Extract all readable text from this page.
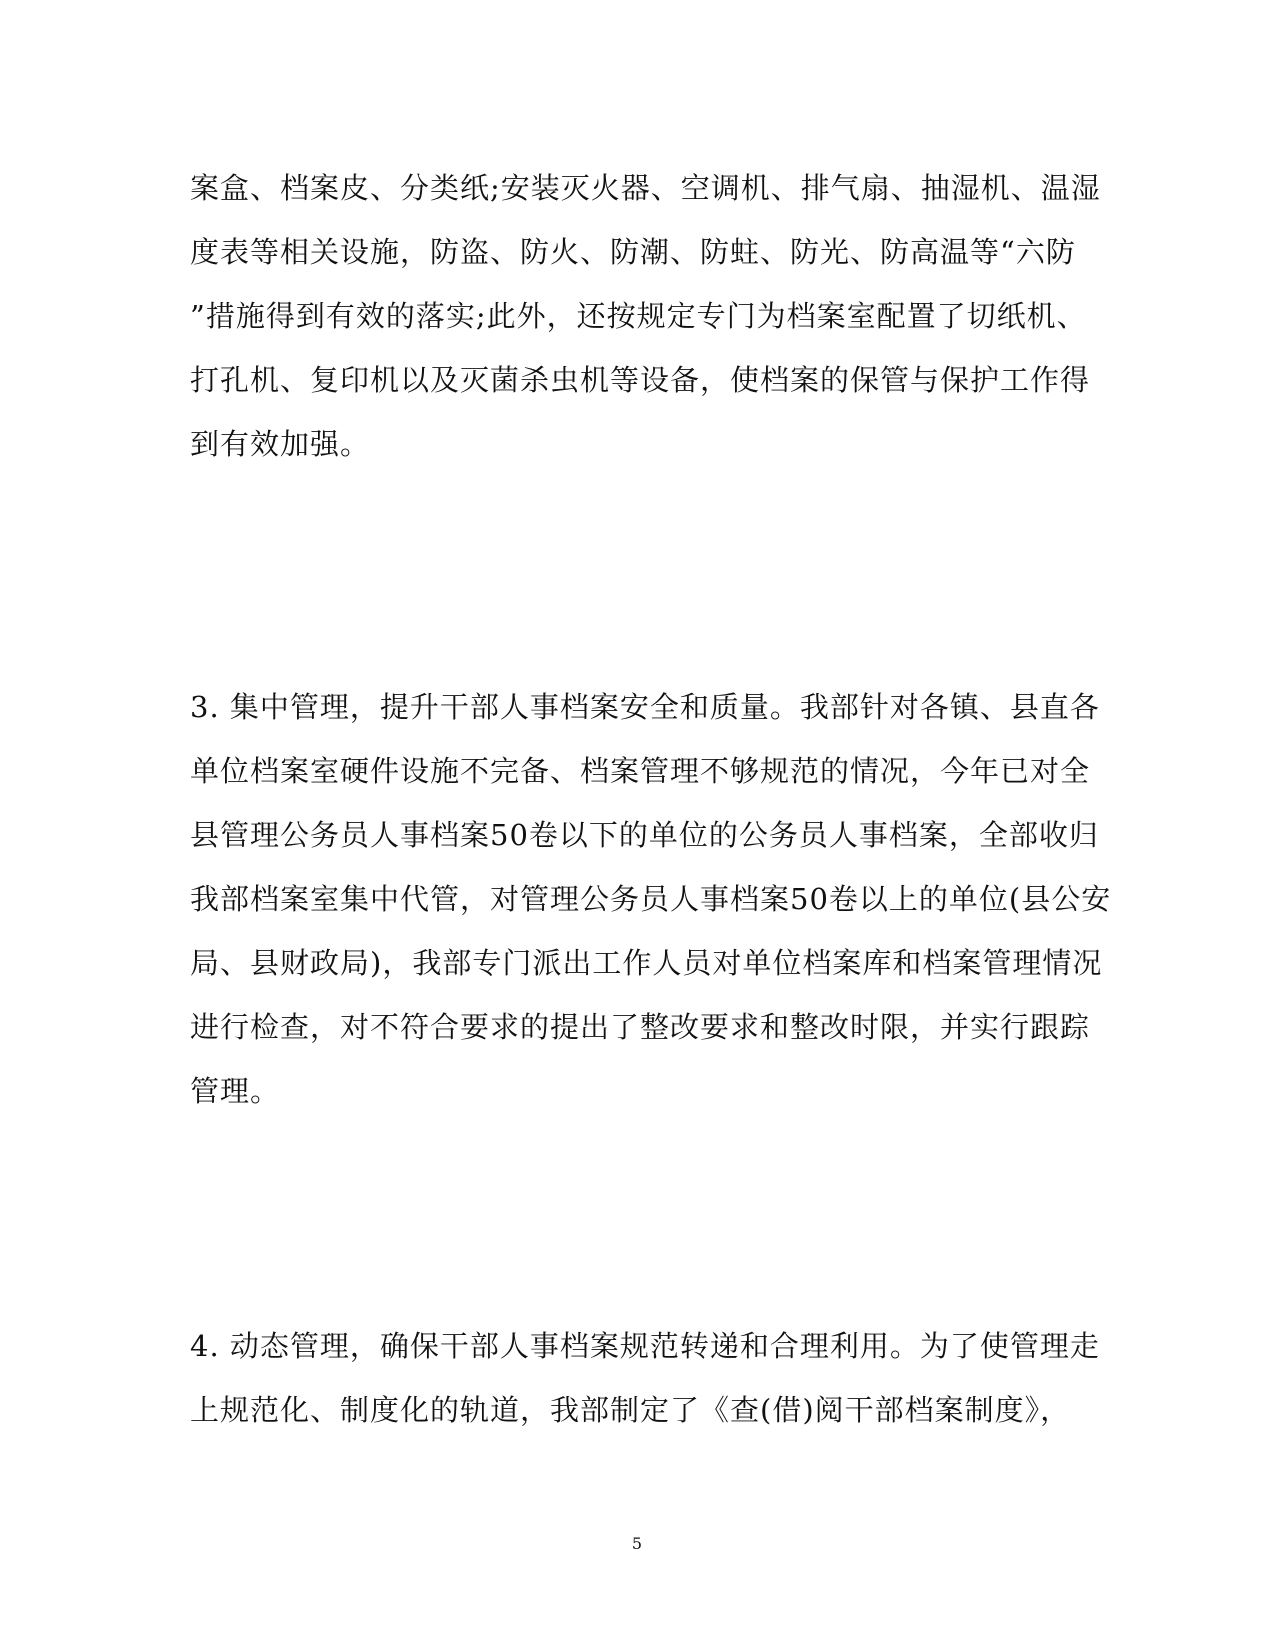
案盒、档案皮、分类纸;安装灭火器、空调机、排气扇、抽湿机、温湿
度表等相关设施，防盗、防火、防潮、防蛀、防光、防高温等“六防
”措施得到有效的落实;此外，还按规定专门为档案室配置了切纸机、
打孔机、复印机以及灭菌杀虫机等设备，使档案的保管与保护工作得
到有效加强。
3. 集中管理，提升干部人事档案安全和质量。我部针对各镇、县直各
单位档案室硬件设施不完备、档案管理不够规范的情况，今年已对全
县管理公务员人事档案50卷以下的单位的公务员人事档案，全部收归
我部档案室集中代管，对管理公务员人事档案50卷以上的单位(县公安
局、县财政局)，我部专门派出工作人员对单位档案库和档案管理情况
进行检查，对不符合要求的提出了整改要求和整改时限，并实行跟踪
管理。
4. 动态管理，确保干部人事档案规范转递和合理利用。为了使管理走
上规范化、制度化的轨道，我部制定了《查(借)阅干部档案制度》，
5
